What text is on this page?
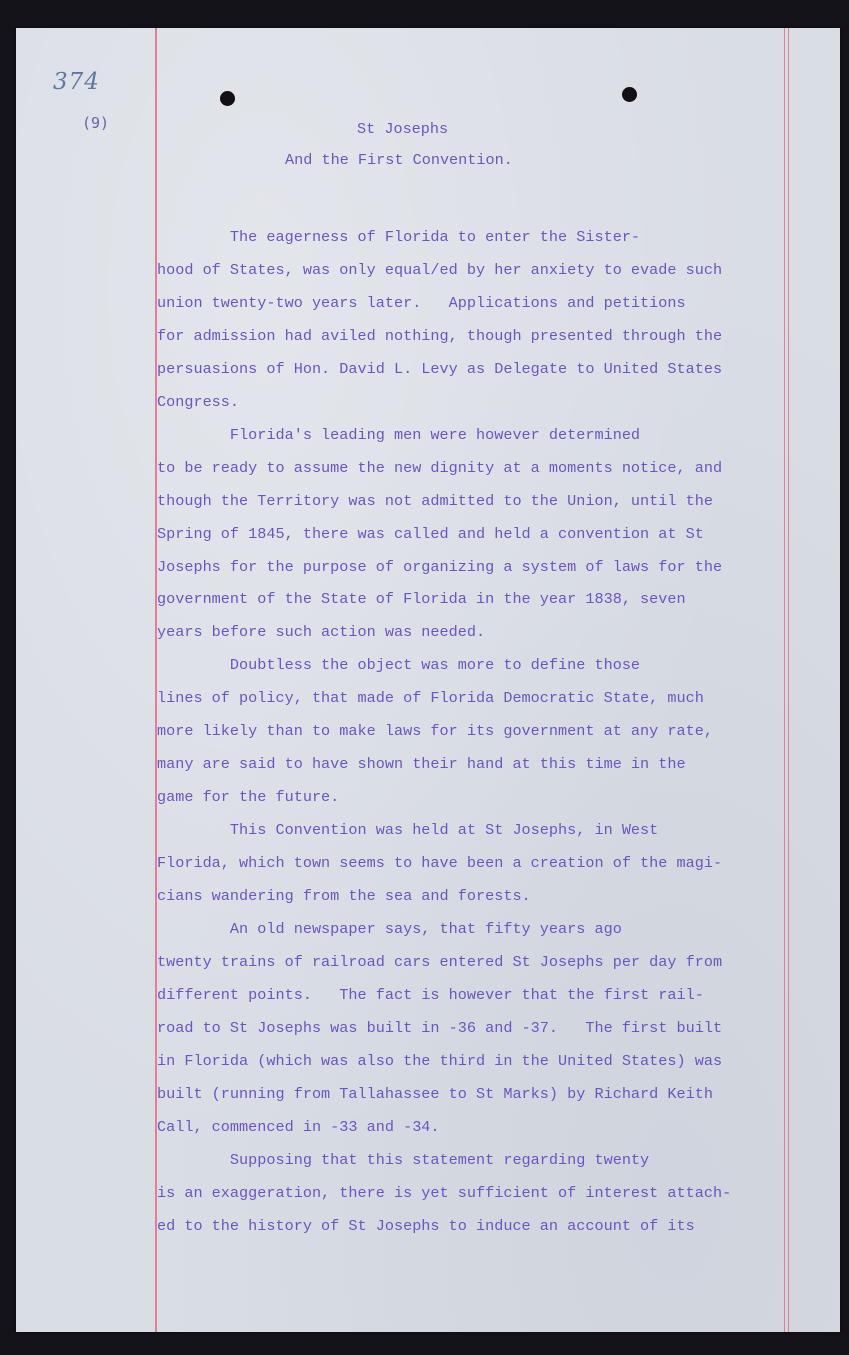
374
(9)	St Josephs
And the First Convention.
The eagerness of Florida to enter the Sister-
hood of States, was only equal/ed by her anxiety to evade such
union twenty-two years later.   Applications and petitions
for admission had aviled nothing, though presented through the
persuasions of Hon. David L. Levy as Delegate to United States
Congress.
Florida's leading men were however determined
to be ready to assume the new dignity at a moments notice, and
though the Territory was not admitted to the Union, until the
Spring of 1845, there was called and held a convention at St
Josephs for the purpose of organizing a system of laws for the
government of the State of Florida in the year 1838, seven
years before such action was needed.
Doubtless the object was more to define those
lines of policy, that made of Florida Democratic State, much
more likely than to make laws for its government at any rate,
many are said to have shown their hand at this time in the
game for the future.
This Convention was held at St Josephs, in West
Florida, which town seems to have been a creation of the magi-
cians wandering from the sea and forests.
An old newspaper says, that fifty years ago
twenty trains of railroad cars entered St Josephs per day from
different points.   The fact is however that the first rail-
road to St Josephs was built in -36 and -37.   The first built
in Florida (which was also the third in the United States) was
built (running from Tallahassee to St Marks) by Richard Keith
Call, commenced in -33 and -34.
Supposing that this statement regarding twenty
is an exaggeration, there is yet sufficient of interest attach-
ed to the history of St Josephs to induce an account of its
